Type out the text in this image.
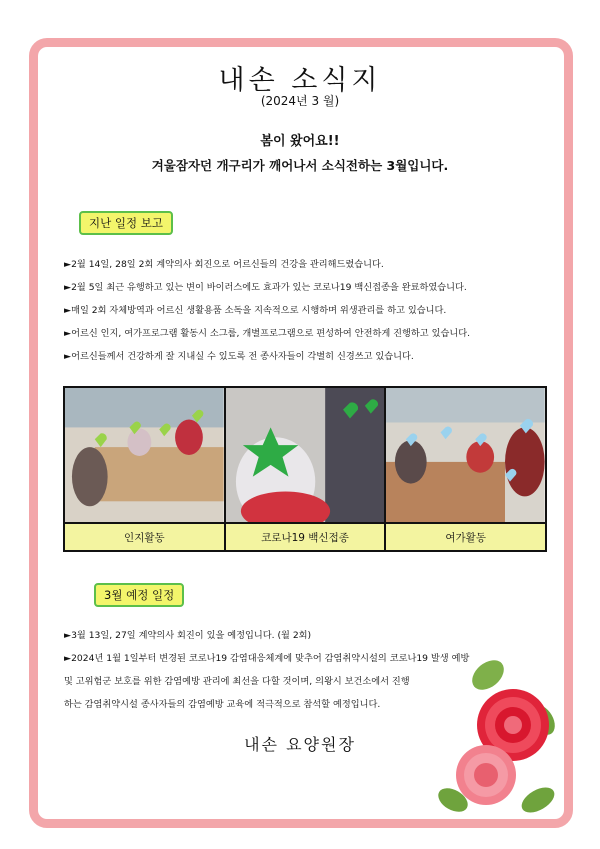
내손 소식지
(2024년 3 월)
봄이 왔어요!!
겨울잠자던 개구리가 깨어나서 소식전하는 3월입니다.
지난 일정 보고
►2월 14일, 28일 2회 계약의사 회진으로 어르신들의 건강을 관리해드렸습니다.
►2월 5일 최근 유행하고 있는 변이 바이러스에도 효과가 있는 코로나19 백신접종을 완료하였습니다.
►매일 2회 자체방역과 어르신 생활용품 소독을 지속적으로 시행하며 위생관리를 하고 있습니다.
►어르신 인지, 여가프로그램 활동시 소그룹, 개별프로그램으로 편성하여 안전하게 진행하고 있습니다.
►어르신들께서 건강하게 잘 지내실 수 있도록 전 종사자들이 각별히 신경쓰고 있습니다.
인지활동	코로나19 백신접종	여가활동
3월 예정 일정
►3월 13일, 27일 계약의사 회진이 있을 예정입니다. (월 2회)
►2024년 1월 1일부터 변경된 코로나19 감염대응체계에 맞추어 감염취약시설의 코로나19 발생 예방
및 고위험군 보호를 위한 감염예방 관리에 최선을 다할 것이며, 의왕시 보건소에서 진행
하는 감염취약시설 종사자들의 감염예방 교육에 적극적으로 참석할 예정입니다.
내손 요양원장
